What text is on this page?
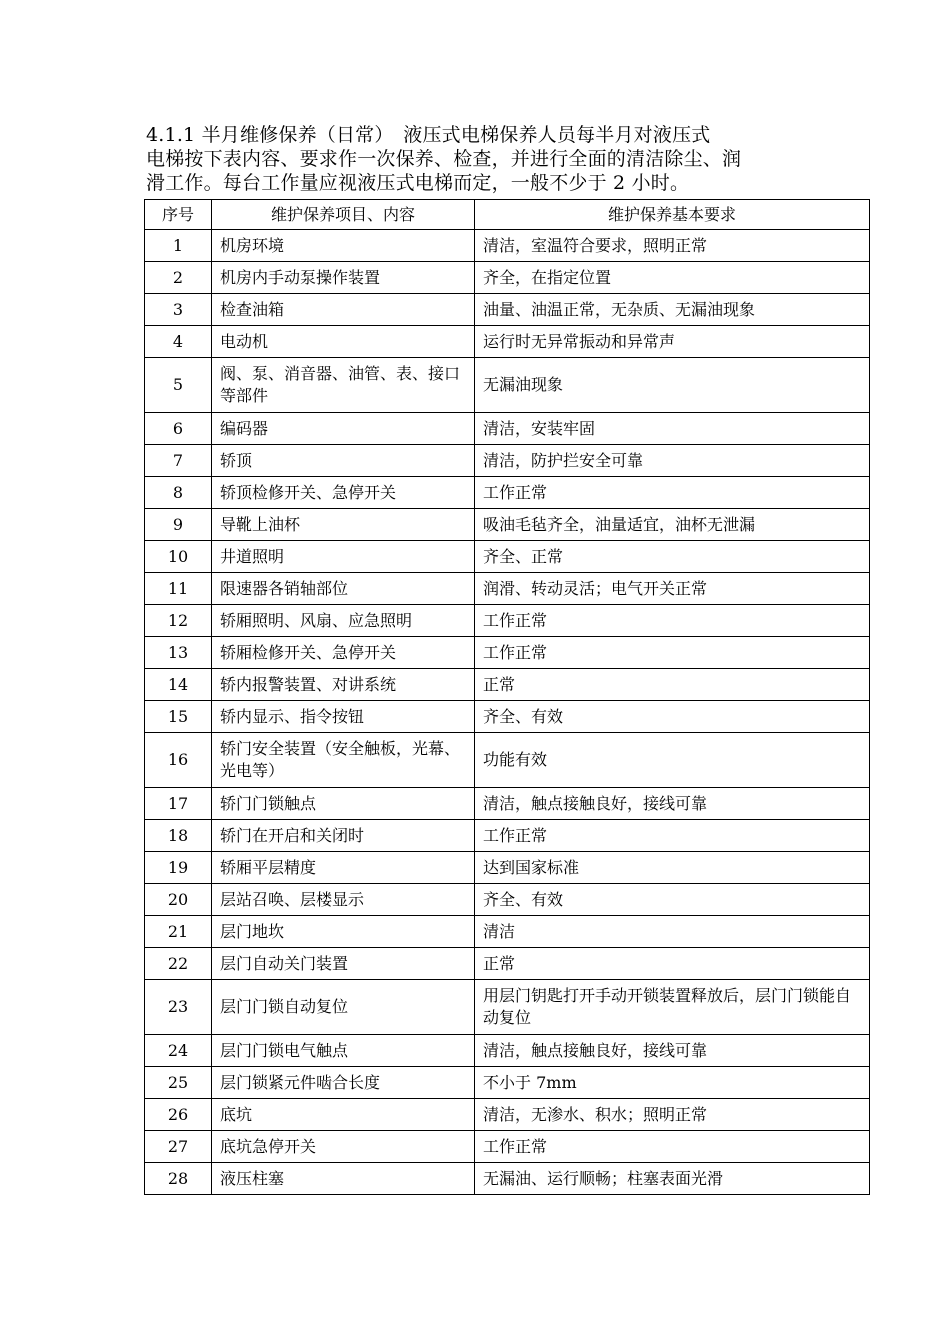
4.1.1 半月维修保养（日常）　液压式电梯保养人员每半月对液压式
电梯按下表内容、要求作一次保养、检查，并进行全面的清洁除尘、润
滑工作。每台工作量应视液压式电梯而定，一般不少于 2 小时。
序号	维护保养项目、内容	维护保养基本要求
1	机房环境	清洁，室温符合要求，照明正常
2	机房内手动泵操作装置	齐全，在指定位置
3	检查油箱	油量、油温正常，无杂质、无漏油现象
4	电动机	运行时无异常振动和异常声
5	阀、泵、消音器、油管、表、接口等部件	无漏油现象
6	编码器	清洁，安装牢固
7	轿顶	清洁，防护拦安全可靠
8	轿顶检修开关、急停开关	工作正常
9	导靴上油杯	吸油毛毡齐全，油量适宜，油杯无泄漏
10	井道照明	齐全、正常
11	限速器各销轴部位	润滑、转动灵活；电气开关正常
12	轿厢照明、风扇、应急照明	工作正常
13	轿厢检修开关、急停开关	工作正常
14	轿内报警装置、对讲系统	正常
15	轿内显示、指令按钮	齐全、有效
16	轿门安全装置（安全触板，光幕、光电等）	功能有效
17	轿门门锁触点	清洁，触点接触良好，接线可靠
18	轿门在开启和关闭时	工作正常
19	轿厢平层精度	达到国家标准
20	层站召唤、层楼显示	齐全、有效
21	层门地坎	清洁
22	层门自动关门装置	正常
23	层门门锁自动复位	用层门钥匙打开手动开锁装置释放后，层门门锁能自动复位
24	层门门锁电气触点	清洁，触点接触良好，接线可靠
25	层门锁紧元件啮合长度	不小于 7mm
26	底坑	清洁，无渗水、积水；照明正常
27	底坑急停开关	工作正常
28	液压柱塞	无漏油、运行顺畅；柱塞表面光滑
